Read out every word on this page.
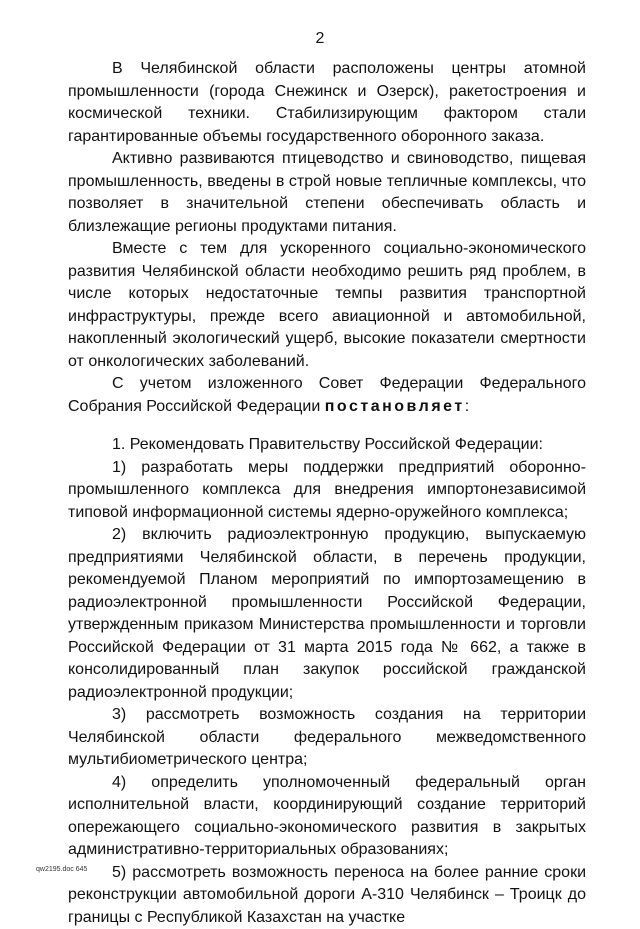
2

В Челябинской области расположены центры атомной промышленности (города Снежинск и Озерск), ракетостроения и космической техники. Стабилизирующим фактором стали гарантированные объемы государственного оборонного заказа.

Активно развиваются птицеводство и свиноводство, пищевая промышленность, введены в строй новые тепличные комплексы, что позволяет в значительной степени обеспечивать область и близлежащие регионы продуктами питания.

Вместе с тем для ускоренного социально-экономического развития Челябинской области необходимо решить ряд проблем, в числе которых недостаточные темпы развития транспортной инфраструктуры, прежде всего авиационной и автомобильной, накопленный экологический ущерб, высокие показатели смертности от онкологических заболеваний.

С учетом изложенного Совет Федерации Федерального Собрания Российской Федерации постановляет:

1. Рекомендовать Правительству Российской Федерации:

1) разработать меры поддержки предприятий оборонно-промышленного комплекса для внедрения импортонезависимой типовой информационной системы ядерно-оружейного комплекса;

2) включить радиоэлектронную продукцию, выпускаемую предприятиями Челябинской области, в перечень продукции, рекомендуемой Планом мероприятий по импортозамещению в радиоэлектронной промышленности Российской Федерации, утвержденным приказом Министерства промышленности и торговли Российской Федерации от 31 марта 2015 года № 662, а также в консолидированный план закупок российской гражданской радиоэлектронной продукции;

3) рассмотреть возможность создания на территории Челябинской области федерального межведомственного мультибиометрического центра;

4) определить уполномоченный федеральный орган исполнительной власти, координирующий создание территорий опережающего социально-экономического развития в закрытых административно-территориальных образованиях;

5) рассмотреть возможность переноса на более ранние сроки реконструкции автомобильной дороги А-310 Челябинск – Троицк до границы с Республикой Казахстан на участке

qw2195.doc 645
